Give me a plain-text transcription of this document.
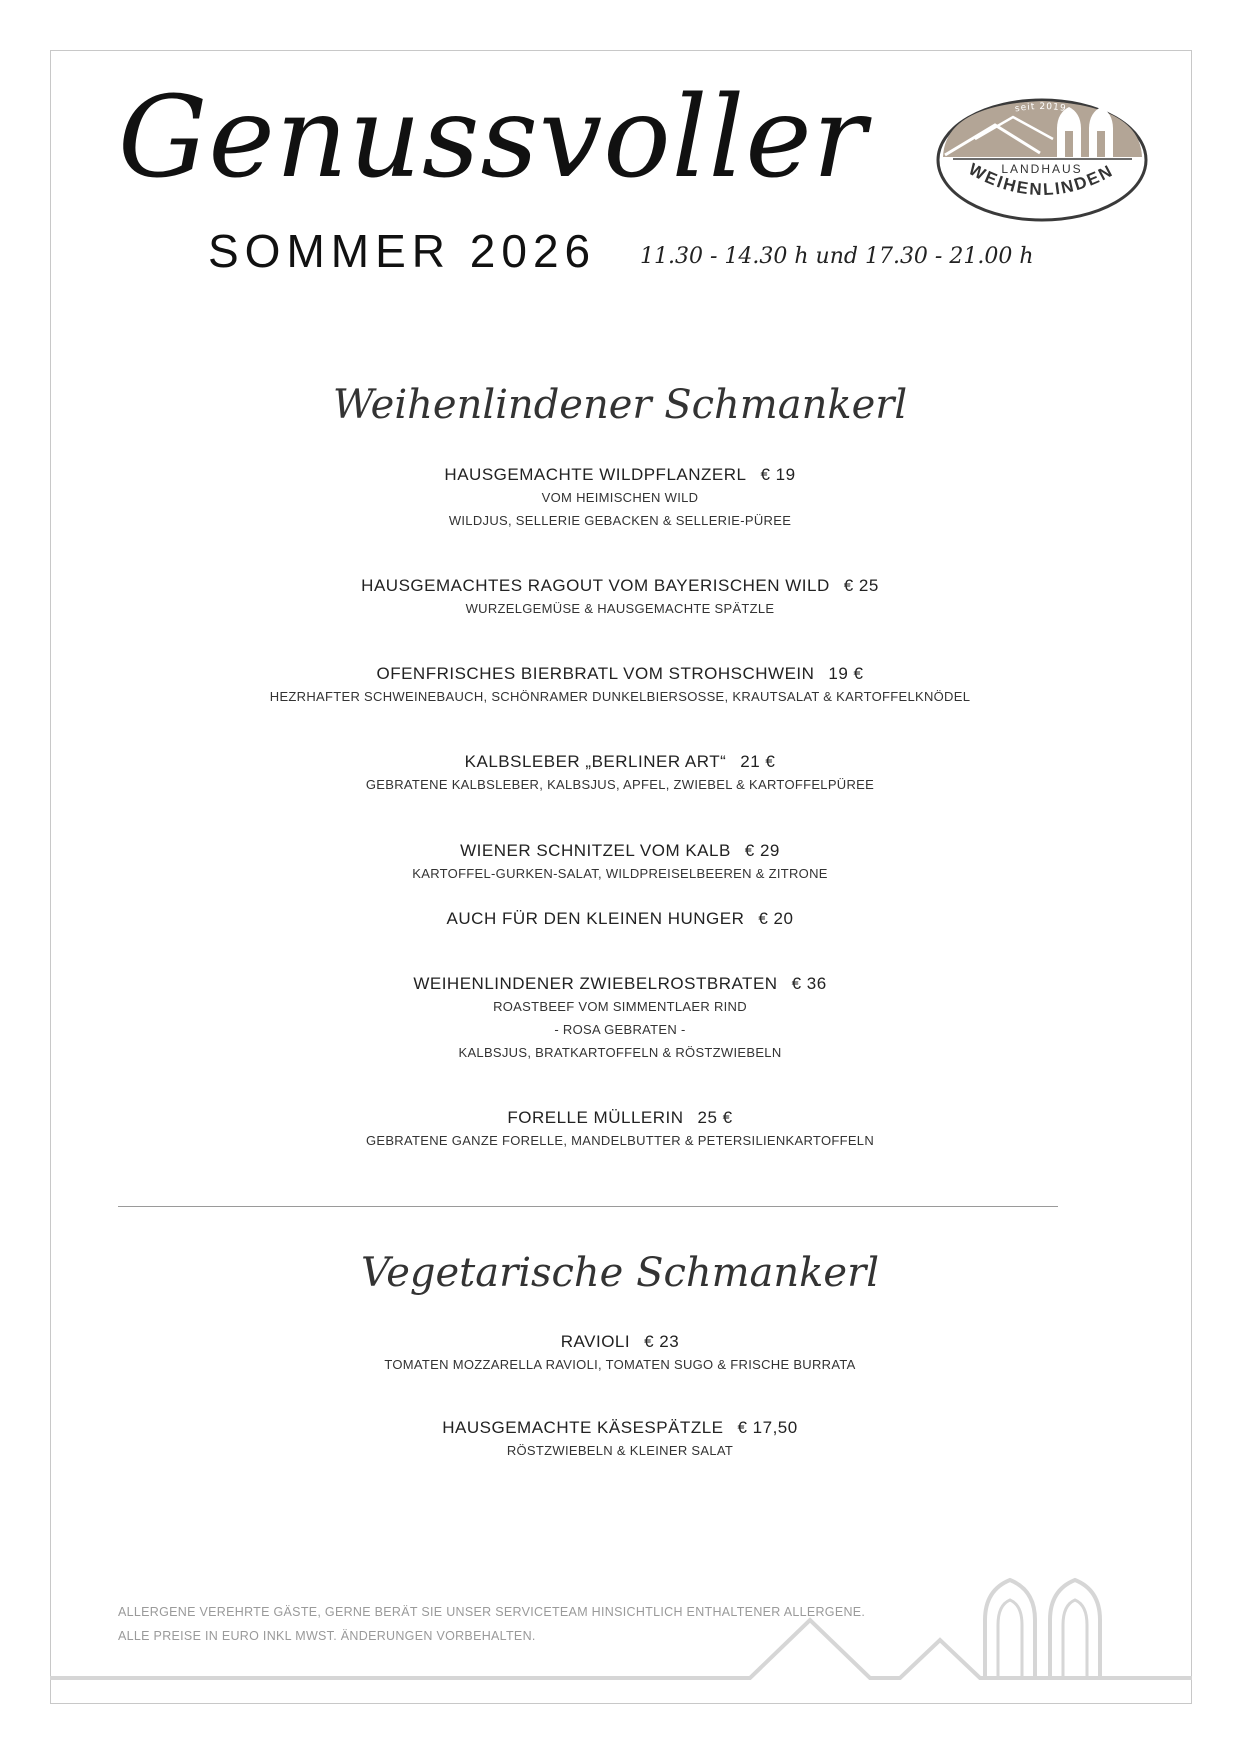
Genussvoller
SOMMER 2026 11.30 - 14.30 h und 17.30 - 21.00 h
seit 2019
LANDHAUS
WEIHENLINDEN
Weihenlindener Schmankerl
HAUSGEMACHTE WILDPFLANZERL € 19
VOM HEIMISCHEN WILD
WILDJUS, SELLERIE GEBACKEN & SELLERIE-PÜREE
HAUSGEMACHTES RAGOUT VOM BAYERISCHEN WILD € 25
WURZELGEMÜSE & HAUSGEMACHTE SPÄTZLE
OFENFRISCHES BIERBRATL VOM STROHSCHWEIN 19 €
HEZRHAFTER SCHWEINEBAUCH, SCHÖNRAMER DUNKELBIERSOSSE, KRAUTSALAT & KARTOFFELKNÖDEL
KALBSLEBER „BERLINER ART“ 21 €
GEBRATENE KALBSLEBER, KALBSJUS, APFEL, ZWIEBEL & KARTOFFELPÜREE
WIENER SCHNITZEL VOM KALB € 29
KARTOFFEL-GURKEN-SALAT, WILDPREISELBEEREN & ZITRONE
AUCH FÜR DEN KLEINEN HUNGER € 20
WEIHENLINDENER ZWIEBELROSTBRATEN € 36
ROASTBEEF VOM SIMMENTLAER RIND
- ROSA GEBRATEN -
KALBSJUS, BRATKARTOFFELN & RÖSTZWIEBELN
FORELLE MÜLLERIN 25 €
GEBRATENE GANZE FORELLE, MANDELBUTTER & PETERSILIENKARTOFFELN
Vegetarische Schmankerl
RAVIOLI € 23
TOMATEN MOZZARELLA RAVIOLI, TOMATEN SUGO & FRISCHE BURRATA
HAUSGEMACHTE KÄSESPÄTZLE € 17,50
RÖSTZWIEBELN & KLEINER SALAT
ALLERGENE VEREHRTE GÄSTE, GERNE BERÄT SIE UNSER SERVICETEAM HINSICHTLICH ENTHALTENER ALLERGENE.
ALLE PREISE IN EURO INKL MWST. ÄNDERUNGEN VORBEHALTEN.
